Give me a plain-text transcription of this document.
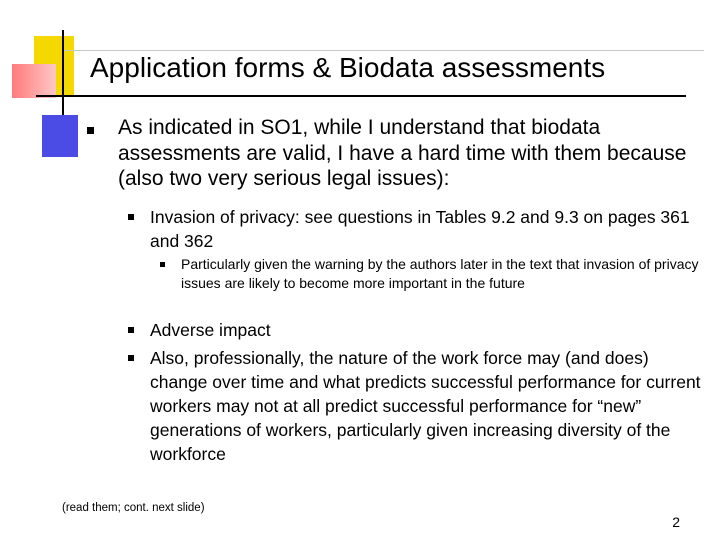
Application forms & Biodata assessments

As indicated in SO1, while I understand that biodata assessments are valid, I have a hard time with them because (also two very serious legal issues):

Invasion of privacy: see questions in Tables 9.2 and 9.3 on pages 361 and 362

Particularly given the warning by the authors later in the text that invasion of privacy issues are likely to become more important in the future

Adverse impact

Also, professionally, the nature of the work force may (and does) change over time and what predicts successful performance for current workers may not at all predict successful performance for “new” generations of workers, particularly given increasing diversity of the workforce

(read them; cont. next slide)

2
